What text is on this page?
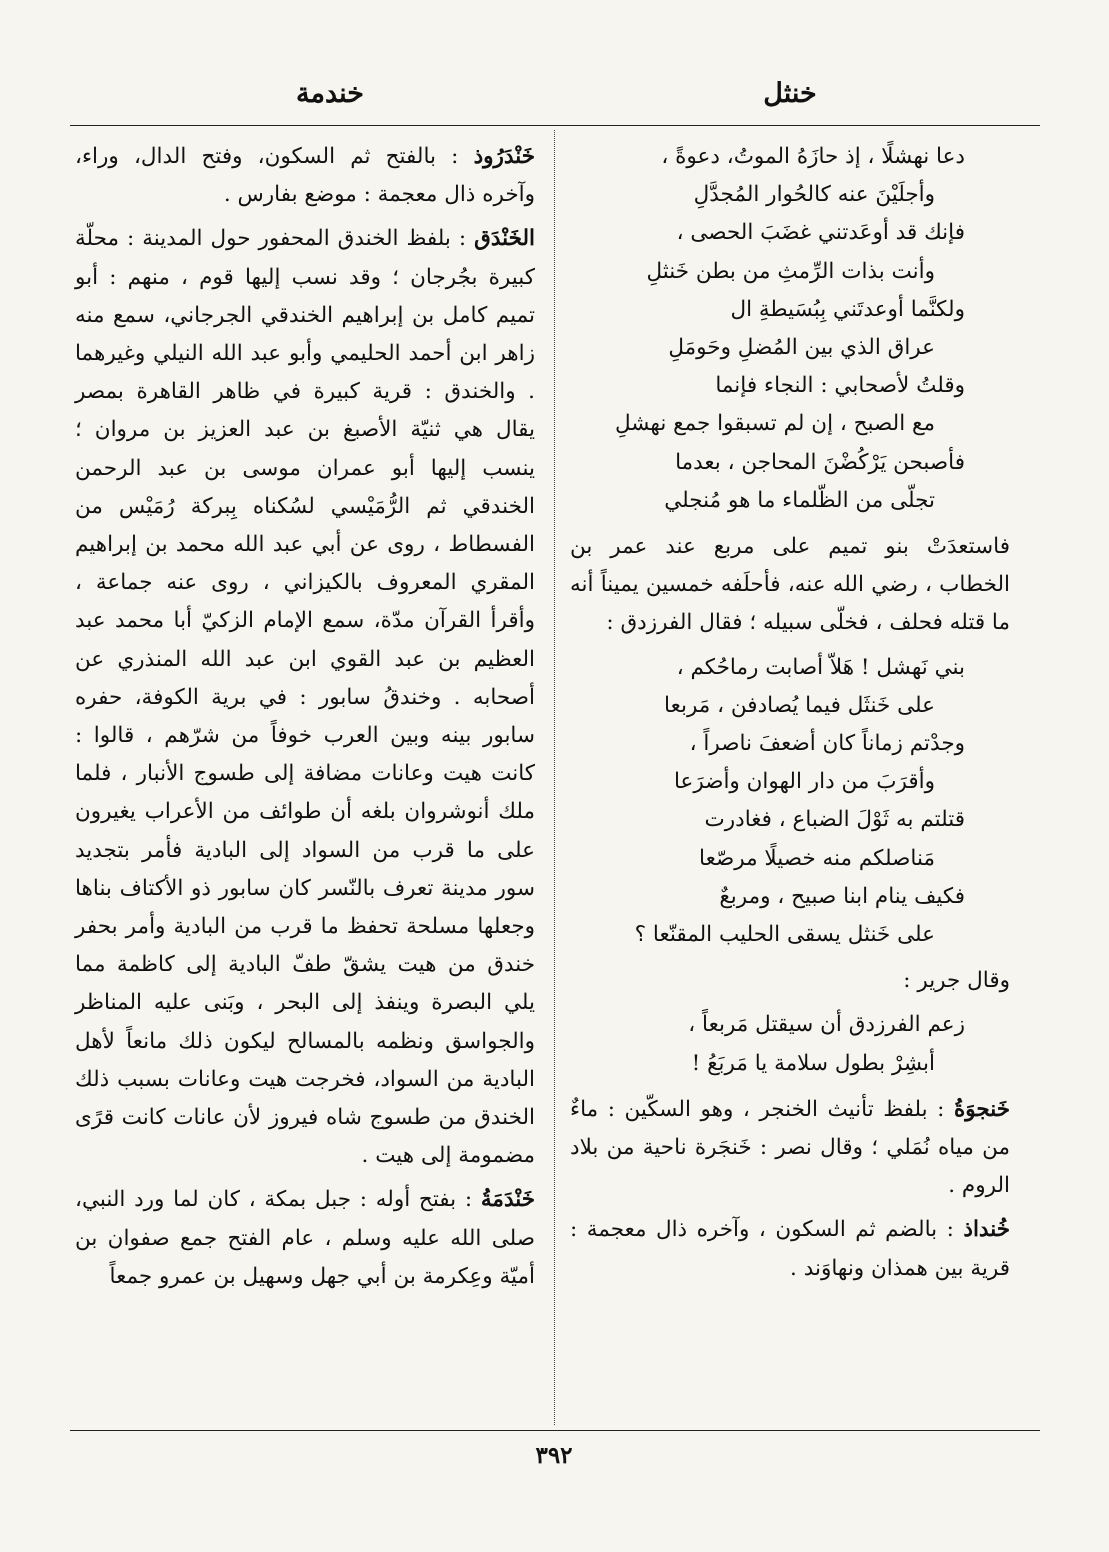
خنثل
خندمة
دعا نهشلًا ، إذ حازَهُ الموتُ، دعوةً ،
وأجلَيْنَ عنه كالحُوار المُجدَّلِ
فإنك قد أوعَدتني غضَبَ الحصى ،
وأنت بذات الرِّمثِ من بطن خَنثلِ
ولكنَّما أوعدتَني بِبُسَيطةِ ال
عراق الذي بين المُضلِ وحَومَلِ
وقلتُ لأصحابي : النجاء فإنما
مع الصبح ، إن لم تسبقوا جمع نهشلِ
فأصبحن يَرْكُضْنَ المحاجن ، بعدما
تجلّى من الظّلماء ما هو مُنجلي

فاستعدَتْ بنو تميم على مربع عند عمر بن الخطاب ، رضي الله عنه، فأحلَفه خمسين يميناً أنه ما قتله فحلف ، فخلّى سبيله ؛ فقال الفرزدق :

بني نَهشل ! هَلاّ أصابت رماحُكم ،
على خَنثَل فيما يُصادفن ، مَربعا
وجدْتم زماناً كان أضعفَ ناصراً ،
وأقرَبَ من دار الهوان وأضرَعا
قتلتم به ثَوْلَ الضباع ، فغادرت
مَناصلكم منه خصيلًا مرصّعا
فكيف ينام ابنا صبيح ، ومربعٌ
على خَنثل يسقى الحليب المقنّعا ؟

وقال جرير :

زعم الفرزدق أن سيقتل مَربعاً ،
أبشِرْ بطول سلامة يا مَربَعُ !

خَنجوَةُ : بلفظ تأنيث الخنجر ، وهو السكّين : ماءٌ من مياه نُمَلي ؛ وقال نصر : خَنجَرة ناحية من بلاد الروم .

خُنداذ : بالضم ثم السكون ، وآخره ذال معجمة : قرية بين همذان ونهاوَند .

خَنْدَرُوذ : بالفتح ثم السكون، وفتح الدال، وراء، وآخره ذال معجمة : موضع بفارس .

الخَنْدَق : بلفظ الخندق المحفور حول المدينة : محلّة كبيرة بجُرجان ؛ وقد نسب إليها قوم ، منهم : أبو تميم كامل بن إبراهيم الخندقي الجرجاني، سمع منه زاهر ابن أحمد الحليمي وأبو عبد الله النيلي وغيرهما . والخندق : قرية كبيرة في ظاهر القاهرة بمصر يقال هي ثنيّة الأصبغ بن عبد العزيز بن مروان ؛ ينسب إليها أبو عمران موسى بن عبد الرحمن الخندقي ثم الرُّمَيْسي لسُكناه بِبركة رُمَيْس من الفسطاط ، روى عن أبي عبد الله محمد بن إبراهيم المقري المعروف بالكيزاني ، روى عنه جماعة ، وأقرأ القرآن مدّة، سمع الإمام الزكيّ أبا محمد عبد العظيم بن عبد القوي ابن عبد الله المنذري عن أصحابه . وخندقُ سابور : في برية الكوفة، حفره سابور بينه وبين العرب خوفاً من شرّهم ، قالوا : كانت هيت وعانات مضافة إلى طسوج الأنبار ، فلما ملك أنوشروان بلغه أن طوائف من الأعراب يغيرون على ما قرب من السواد إلى البادية فأمر بتجديد سور مدينة تعرف بالنّسر كان سابور ذو الأكتاف بناها وجعلها مسلحة تحفظ ما قرب من البادية وأمر بحفر خندق من هيت يشقّ طفّ البادية إلى كاظمة مما يلي البصرة وينفذ إلى البحر ، وبَنى عليه المناظر والجواسق ونظمه بالمسالح ليكون ذلك مانعاً لأهل البادية من السواد، فخرجت هيت وعانات بسبب ذلك الخندق من طسوج شاه فيروز لأن عانات كانت قرًى مضمومة إلى هيت .

خَنْدَمَةُ : بفتح أوله : جبل بمكة ، كان لما ورد النبي، صلى الله عليه وسلم ، عام الفتح جمع صفوان بن أميّة وعِكرمة بن أبي جهل وسهيل بن عمرو جمعاً

٣٩٢
